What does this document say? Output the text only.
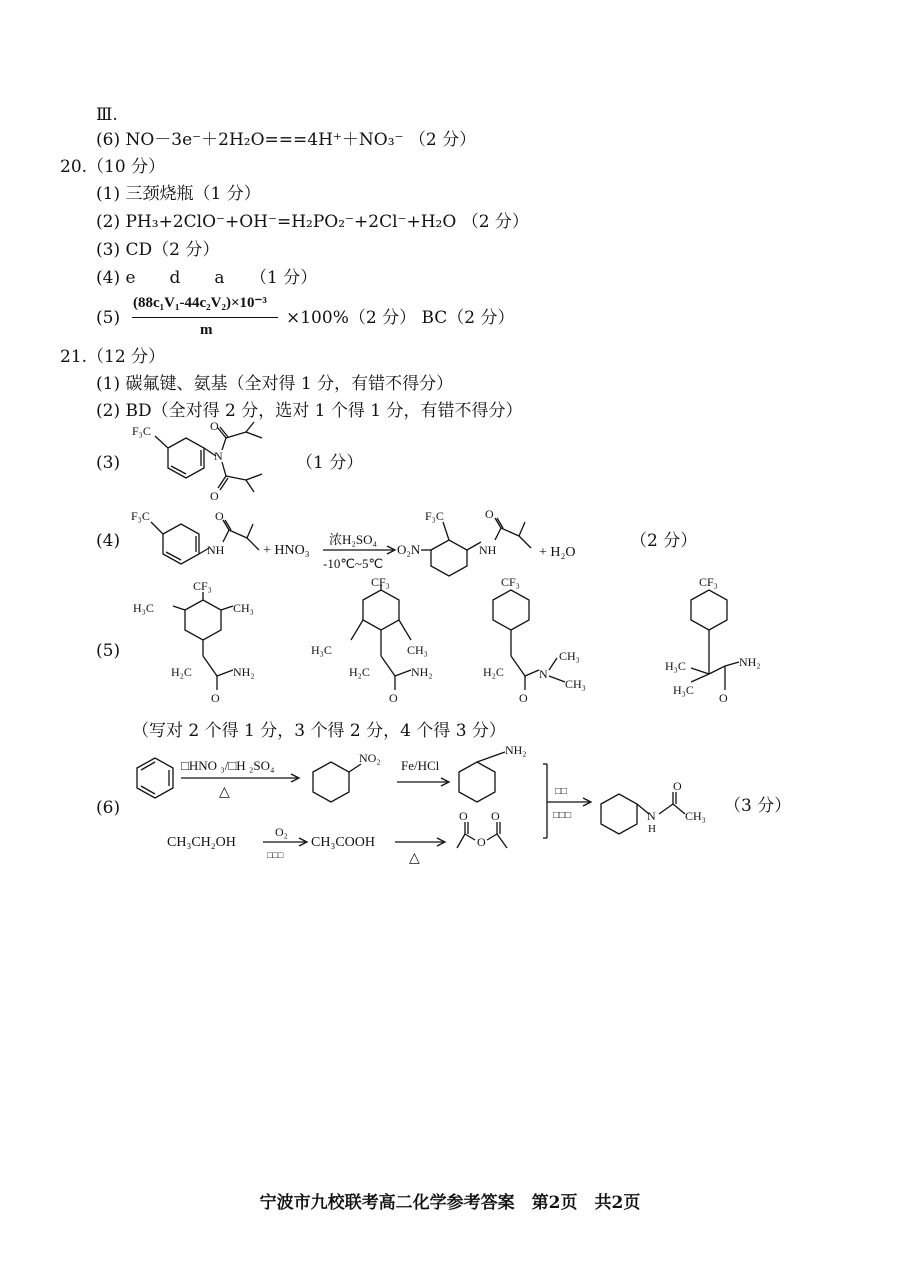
Ⅲ.
(6) NO－3e⁻＋2H₂O===4H⁺＋NO₃⁻ （2 分）
20.（10 分）
(1) 三颈烧瓶（1 分）
(2) PH₃+2ClO⁻+OH⁻=H₂PO₂⁻+2Cl⁻+H₂O （2 分）
(3) CD（2 分）
(4) e　　d　　a　　（1 分）
(5)
(88c₁V₁-44c₂V₂)×10⁻³
m
×100%（2 分） BC（2 分）
21.（12 分）
(1) 碳氟键、氨基（全对得 1 分，有错不得分）
(2) BD（全对得 2 分，选对 1 个得 1 分，有错不得分）
(3)
F₃C
N
O
O
（1 分）
(4)
F₃C	O
NH	+ HNO₃
浓H₂SO₄
-10℃~5℃
O₂N
F₃C	O
NH	+ H₂O
（2 分）
(5)
CF₃
H₃C	CH₃
H₂C
O
NH₂
CF₃
H₃C	CH₃
H₂C
O
NH₂
CF₃
H₂C
O
N
CH₃
CH₃
CF₃
H₃C
H₃C
O
NH₂
（写对 2 个得 1 分，3 个得 2 分，4 个得 3 分）
(6)
□HNO ₃/□H ₂SO₄
△
NO₂ Fe/HCl
NH₂
□□
□□□
O
N
H
CH₃
CH₃CH₂OH
O₂
□□□
CH₃COOH
△
O
O
O	（3 分）
宁波市九校联考高二化学参考答案　第2页　共2页
